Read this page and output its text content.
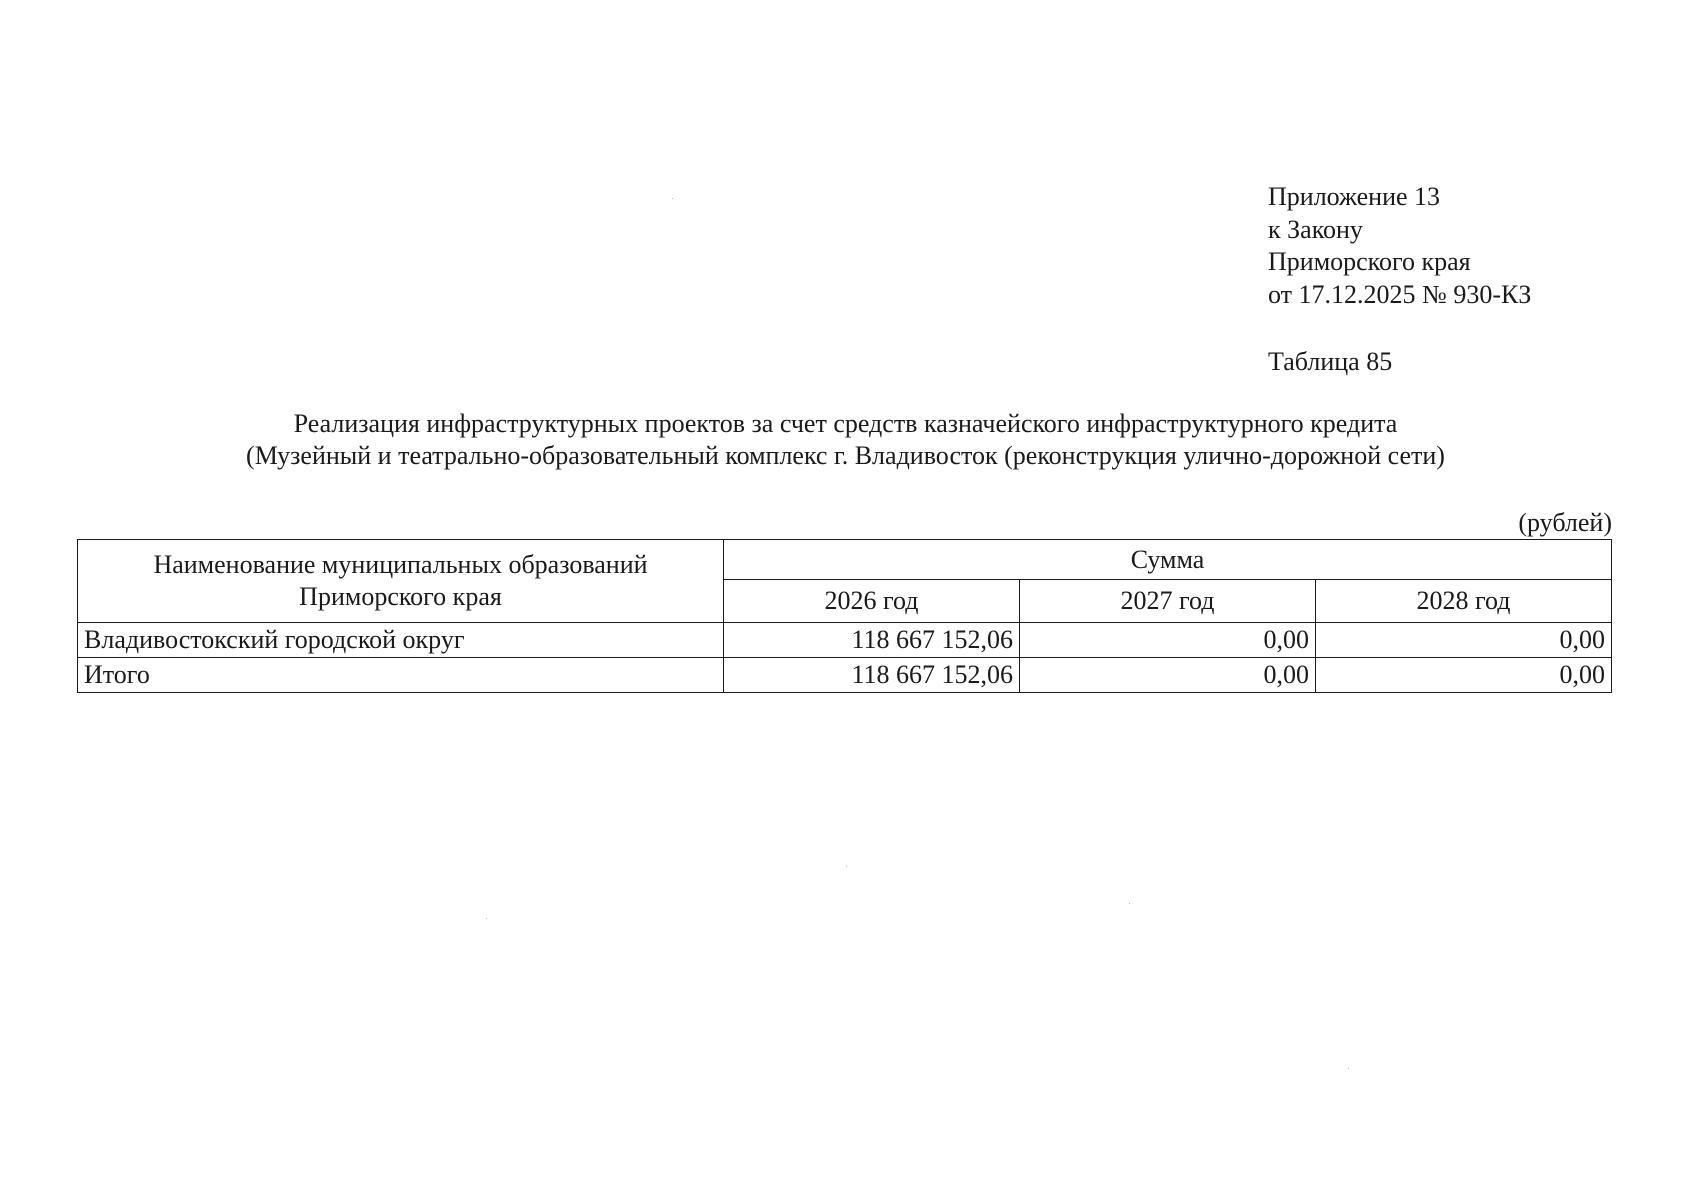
Приложение 13
к Закону
Приморского края
от 17.12.2025 № 930-КЗ
Таблица 85
Реализация инфраструктурных проектов за счет средств казначейского инфраструктурного кредита
(Музейный и театрально-образовательный комплекс г. Владивосток (реконструкция улично-дорожной сети)
(рублей)
Наименование муниципальных образований
Приморского края	Сумма		
	2026 год	2027 год	2028 год
Владивостокский городской округ	118 667 152,06	0,00	0,00
Итого	118 667 152,06	0,00	0,00
